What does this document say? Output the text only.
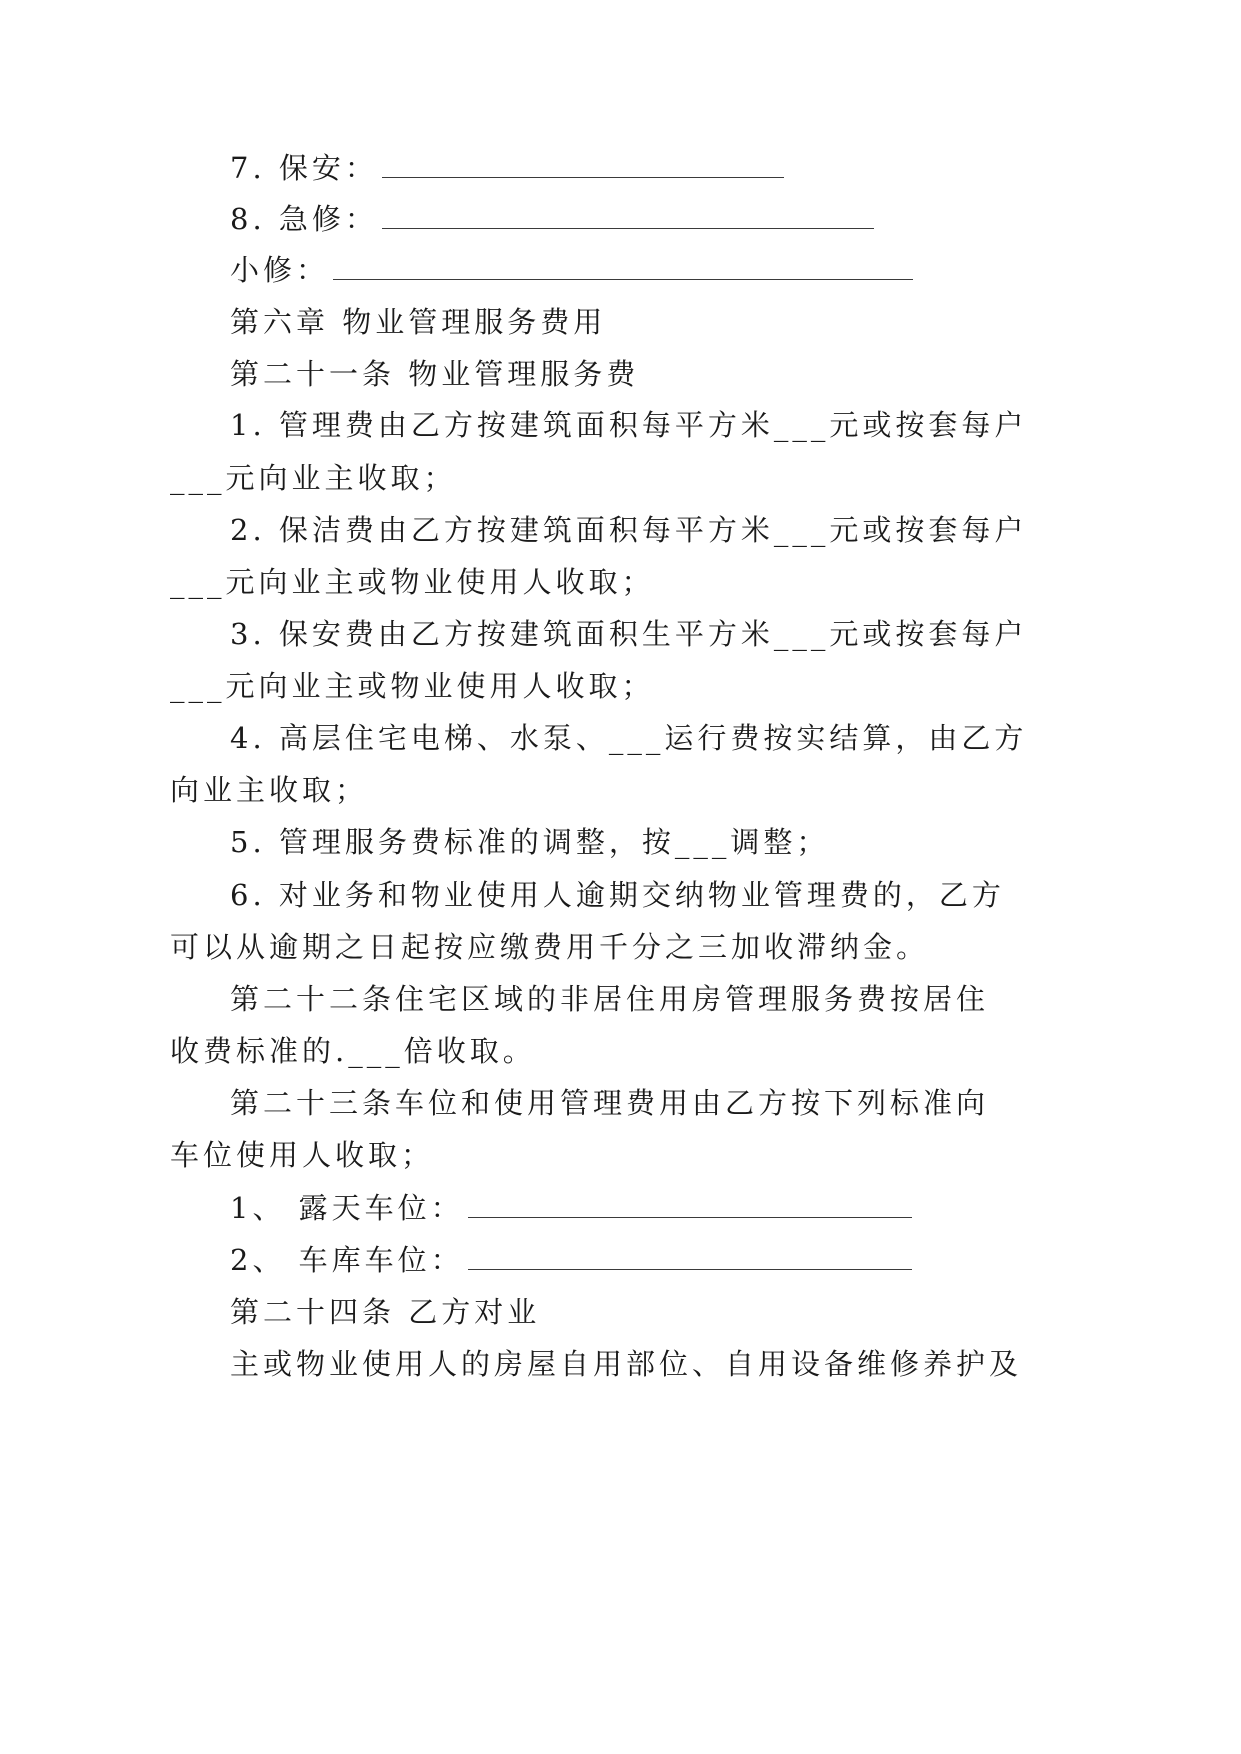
7. 保安：
8. 急修：
小修：
第六章 物业管理服务费用
第二十一条 物业管理服务费
1. 管理费由乙方按建筑面积每平方米___元或按套每户
___元向业主收取；
2. 保洁费由乙方按建筑面积每平方米___元或按套每户
___元向业主或物业使用人收取；
3. 保安费由乙方按建筑面积生平方米___元或按套每户
___元向业主或物业使用人收取；
4. 高层住宅电梯、水泵、___运行费按实结算，由乙方
向业主收取；
5. 管理服务费标准的调整，按___调整；
6. 对业务和物业使用人逾期交纳物业管理费的，乙方
可以从逾期之日起按应缴费用千分之三加收滞纳金。
第二十二条住宅区域的非居住用房管理服务费按居住
收费标准的.___倍收取。
第二十三条车位和使用管理费用由乙方按下列标准向
车位使用人收取；
1、 露天车位：
2、 车库车位：
第二十四条 乙方对业
主或物业使用人的房屋自用部位、自用设备维修养护及
